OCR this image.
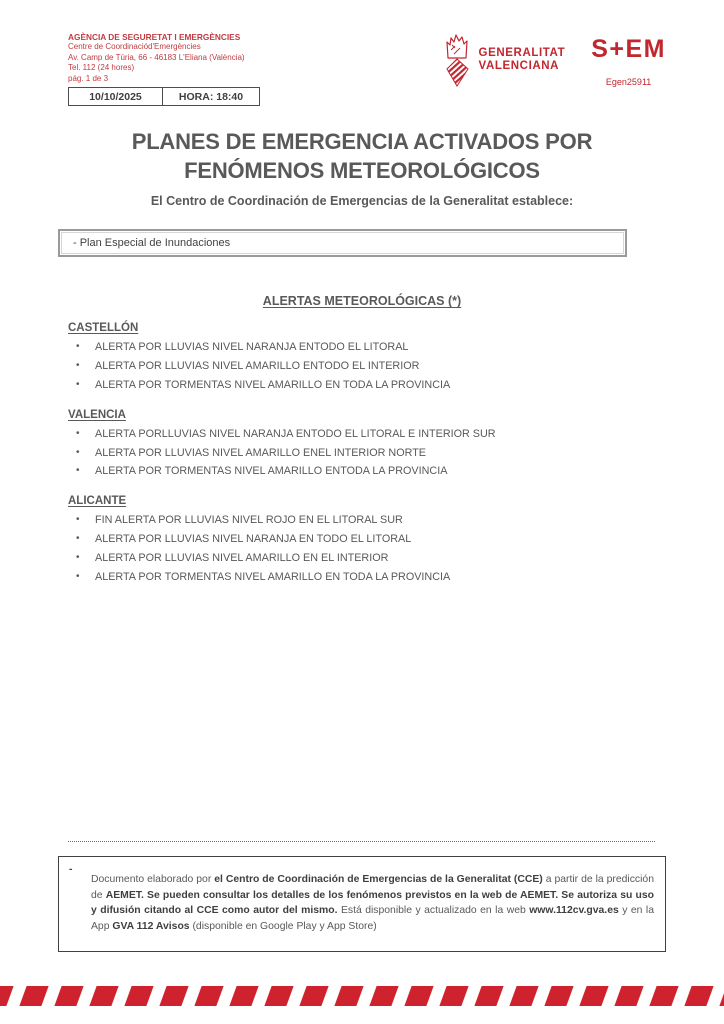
AGÈNCIA DE SEGURETAT I EMERGÈNCIES
Centre de Coordinaciód'Emergències
Av. Camp de Túria, 66 - 46183 L'Eliana (València)
Tel. 112 (24 hores)
pág. 1 de 3
10/10/2025	HORA: 18:40
GENERALITAT
VALENCIANA
S+EM
Egen25911
PLANES DE EMERGENCIA ACTIVADOS POR
FENÓMENOS METEOROLÓGICOS
El Centro de Coordinación de Emergencias de la Generalitat establece:
- Plan Especial de Inundaciones
ALERTAS METEOROLÓGICAS (*)
CASTELLÓN
•	ALERTA POR LLUVIAS NIVEL NARANJA ENTODO EL LITORAL
•	ALERTA POR LLUVIAS NIVEL AMARILLO ENTODO EL INTERIOR
•	ALERTA POR TORMENTAS NIVEL AMARILLO EN TODA LA PROVINCIA
VALENCIA
•	ALERTA PORLLUVIAS NIVEL NARANJA ENTODO EL LITORAL E INTERIOR SUR
•	ALERTA POR LLUVIAS NIVEL AMARILLO ENEL INTERIOR NORTE
•	ALERTA POR TORMENTAS NIVEL AMARILLO ENTODA LA PROVINCIA
ALICANTE
•	FIN ALERTA POR LLUVIAS NIVEL ROJO EN EL LITORAL SUR
•	ALERTA POR LLUVIAS NIVEL NARANJA EN TODO EL LITORAL
•	ALERTA POR LLUVIAS NIVEL AMARILLO EN EL INTERIOR
•	ALERTA POR TORMENTAS NIVEL AMARILLO EN TODA LA PROVINCIA
-

Documento elaborado por el Centro de Coordinación de Emergencias de la Generalitat (CCE) a partir de la predicción de AEMET. Se pueden consultar los detalles de los fenómenos previstos en la web de AEMET. Se autoriza su uso y difusión citando al CCE como autor del mismo. Está disponible y actualizado en la web www.112cv.gva.es y en la App GVA 112 Avisos (disponible en Google Play y App Store)
